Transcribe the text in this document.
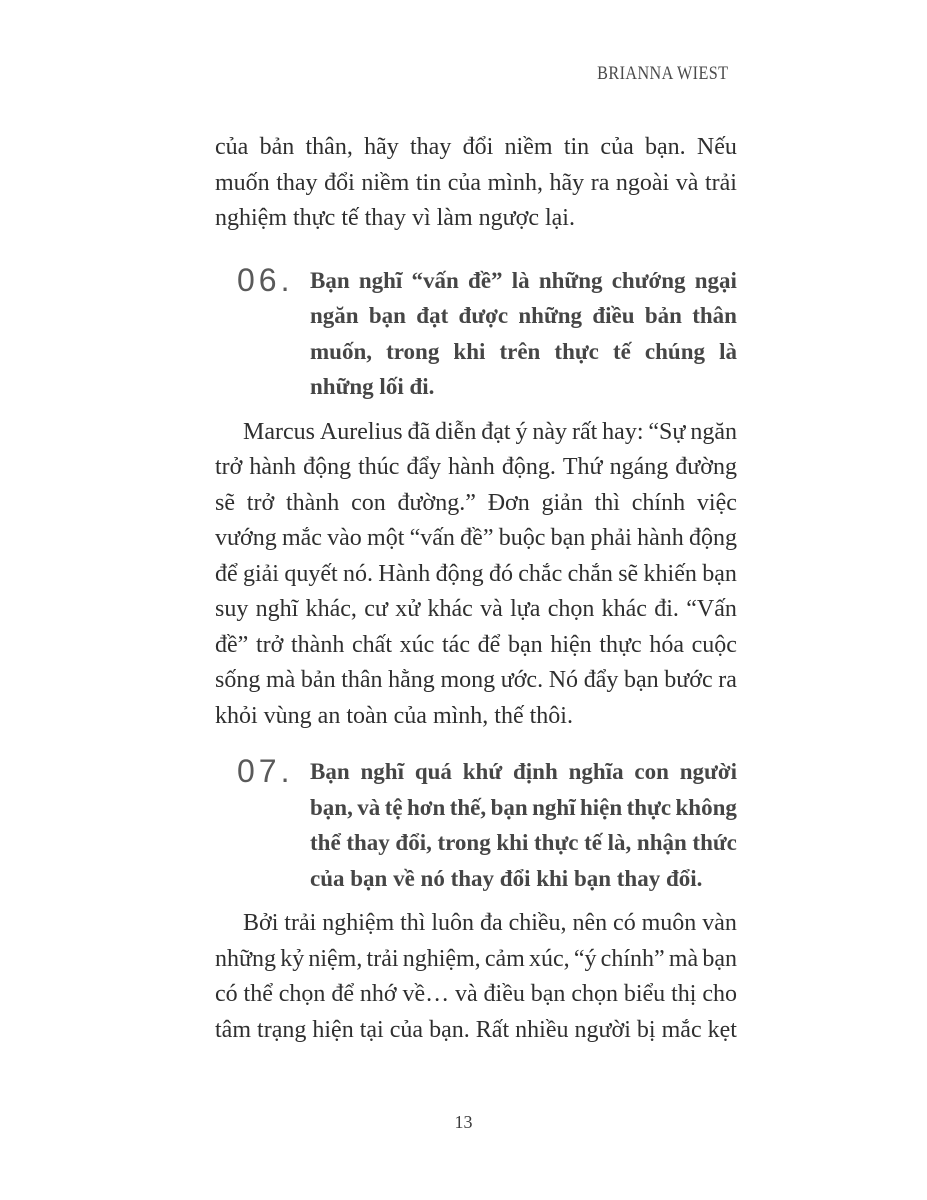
BRIANNA WIEST
của bản thân, hãy thay đổi niềm tin của bạn. Nếu
muốn thay đổi niềm tin của mình, hãy ra ngoài và trải
nghiệm thực tế thay vì làm ngược lại.
06. Bạn nghĩ “vấn đề” là những chướng ngại
ngăn bạn đạt được những điều bản thân
muốn, trong khi trên thực tế chúng là
những lối đi.
Marcus Aurelius đã diễn đạt ý này rất hay: “Sự ngăn
trở hành động thúc đẩy hành động. Thứ ngáng đường
sẽ trở thành con đường.” Đơn giản thì chính việc
vướng mắc vào một “vấn đề” buộc bạn phải hành động
để giải quyết nó. Hành động đó chắc chắn sẽ khiến bạn
suy nghĩ khác, cư xử khác và lựa chọn khác đi. “Vấn
đề” trở thành chất xúc tác để bạn hiện thực hóa cuộc
sống mà bản thân hằng mong ước. Nó đẩy bạn bước ra
khỏi vùng an toàn của mình, thế thôi.
07. Bạn nghĩ quá khứ định nghĩa con người
bạn, và tệ hơn thế, bạn nghĩ hiện thực không
thể thay đổi, trong khi thực tế là, nhận thức
của bạn về nó thay đổi khi bạn thay đổi.
Bởi trải nghiệm thì luôn đa chiều, nên có muôn vàn
những kỷ niệm, trải nghiệm, cảm xúc, “ý chính” mà bạn
có thể chọn để nhớ về… và điều bạn chọn biểu thị cho
tâm trạng hiện tại của bạn. Rất nhiều người bị mắc kẹt
13
